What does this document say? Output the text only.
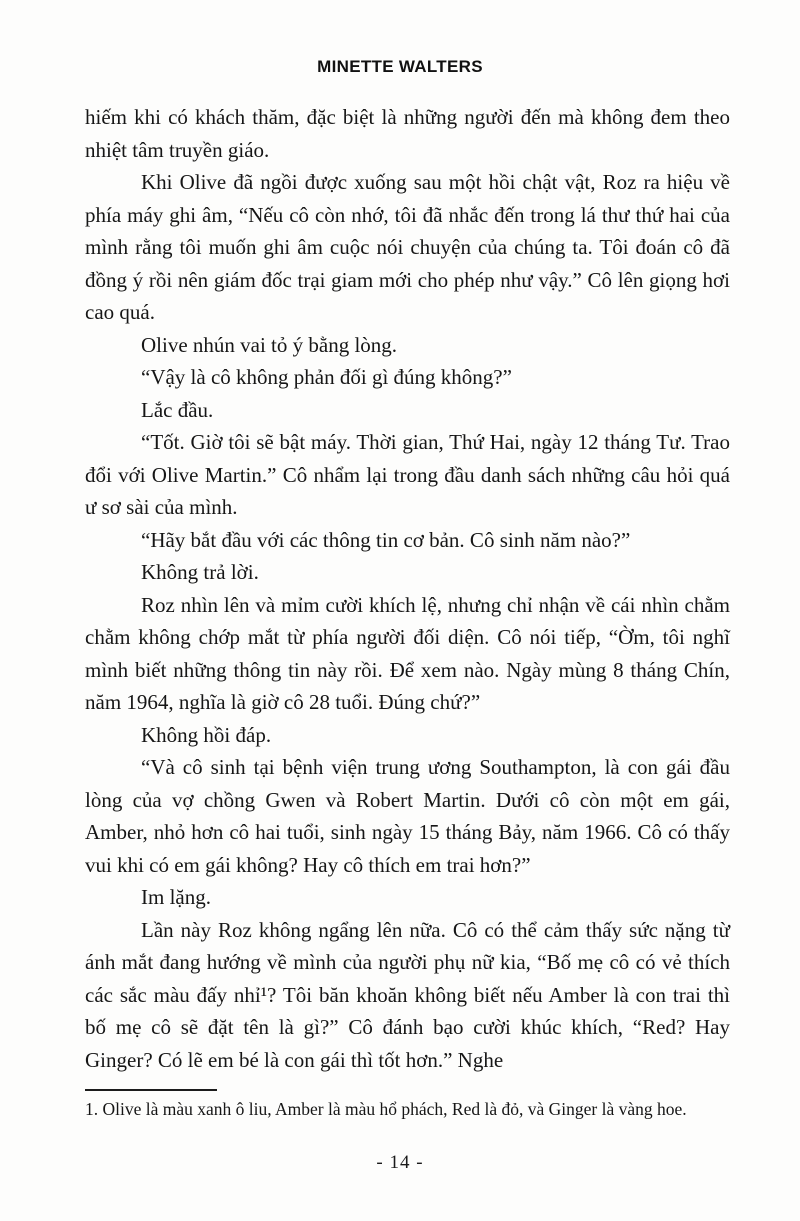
MINETTE WALTERS

hiếm khi có khách thăm, đặc biệt là những người đến mà không đem theo nhiệt tâm truyền giáo.

Khi Olive đã ngồi được xuống sau một hồi chật vật, Roz ra hiệu về phía máy ghi âm, “Nếu cô còn nhớ, tôi đã nhắc đến trong lá thư thứ hai của mình rằng tôi muốn ghi âm cuộc nói chuyện của chúng ta. Tôi đoán cô đã đồng ý rồi nên giám đốc trại giam mới cho phép như vậy.” Cô lên giọng hơi cao quá.

Olive nhún vai tỏ ý bằng lòng.

“Vậy là cô không phản đối gì đúng không?”

Lắc đầu.

“Tốt. Giờ tôi sẽ bật máy. Thời gian, Thứ Hai, ngày 12 tháng Tư. Trao đổi với Olive Martin.” Cô nhẩm lại trong đầu danh sách những câu hỏi quá ư sơ sài của mình.

“Hãy bắt đầu với các thông tin cơ bản. Cô sinh năm nào?”

Không trả lời.

Roz nhìn lên và mỉm cười khích lệ, nhưng chỉ nhận về cái nhìn chằm chằm không chớp mắt từ phía người đối diện. Cô nói tiếp, “Ờm, tôi nghĩ mình biết những thông tin này rồi. Để xem nào. Ngày mùng 8 tháng Chín, năm 1964, nghĩa là giờ cô 28 tuổi. Đúng chứ?”

Không hồi đáp.

“Và cô sinh tại bệnh viện trung ương Southampton, là con gái đầu lòng của vợ chồng Gwen và Robert Martin. Dưới cô còn một em gái, Amber, nhỏ hơn cô hai tuổi, sinh ngày 15 tháng Bảy, năm 1966. Cô có thấy vui khi có em gái không? Hay cô thích em trai hơn?”

Im lặng.

Lần này Roz không ngẩng lên nữa. Cô có thể cảm thấy sức nặng từ ánh mắt đang hướng về mình của người phụ nữ kia, “Bố mẹ cô có vẻ thích các sắc màu đấy nhỉ¹? Tôi băn khoăn không biết nếu Amber là con trai thì bố mẹ cô sẽ đặt tên là gì?” Cô đánh bạo cười khúc khích, “Red? Hay Ginger? Có lẽ em bé là con gái thì tốt hơn.” Nghe

1. Olive là màu xanh ô liu, Amber là màu hổ phách, Red là đỏ, và Ginger là vàng hoe.
- 14 -
